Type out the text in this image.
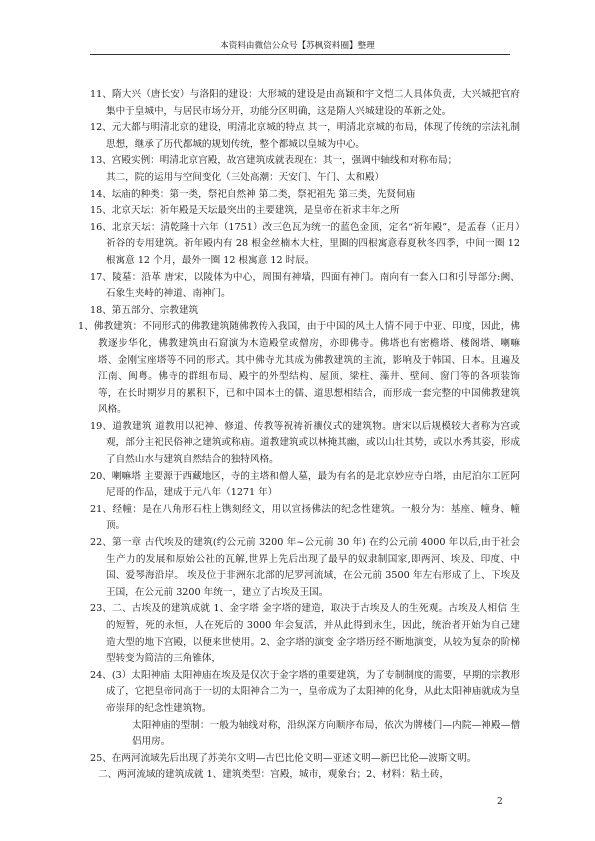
本资料由微信公众号【苏枫资料圈】整理

11、隋大兴（唐长安）与洛阳的建设：大形城的建设是由高颖和宇文恺二人具体负责，大兴城把官府集中于皇城中，与居民市场分开，功能分区明确，这是隋人兴城建设的革新之处。

12、元大都与明清北京的建设，明清北京城的特点 其一，明清北京城的布局，体现了传统的宗法礼制思想，继承了历代都城的规划传统，整个都城以皇城为中心。

13、宫殿实例：明清北京宫殿，故宫建筑成就表现在：其一，强调中轴线和对称布局；

其二，院的运用与空间变化（三处高潮：天安门、午门、太和殿）

14、坛庙的种类：第一类，祭祀自然神 第二类，祭祀祖先 第三类，先贤伺庙

15、北京天坛：祈年殿是天坛最突出的主要建筑，是皇帝在祈求丰年之所

16、北京天坛：清乾隆十六年（1751）改三色瓦为统一的蓝色金顶，定名“祈年殿”，是孟春（正月）祈谷的专用建筑。祈年殿内有 28 根金丝楠木大柱，里圈的四根寓意春夏秋冬四季，中间一圈 12 根寓意 12 个月，最外一圈 12 根寓意 12 时辰。

17、陵墓：沿革 唐宋，以陵体为中心，周围有神墙，四面有神门。南向有一套入口和引导部分:阙、石象生夹峙的神道、南神门。

18、第五部分、宗教建筑

1、佛教建筑：不同形式的佛教建筑随佛教传入我国，由于中国的风土人情不同于中亚、印度，因此，佛教逐步华化，佛教建筑由石窟演为木造殿堂或僧房，亦即佛寺。佛塔也有密檐塔、楼阁塔、喇嘛塔、金刚宝座塔等不同的形式。其中佛寺尤其成为佛教建筑的主流，影响及于韩国、日本。且遍及江南、闽粤。佛寺的群组布局、殿宇的外型结构、屋顶、梁柱、藻井、壁间、窗门等的各项装饰等，在长时期岁月的累积下，已和中国本土的儒、道思想相结合，而形成一套完整的中国佛教建筑风格。

19、道教建筑 道教用以祀神、修道、传教等祝祷祈禳仪式的建筑物。唐宋以后规模较大者称为宫或观，部分主祀民俗神之建筑或称庙。道教建筑或以林掩其幽，或以山壮其势，或以水秀其姿，形成了自然山水与建筑自然结合的独特风格。

20、喇嘛塔 主要源于西藏地区，寺的主塔和僧人墓，最为有名的是北京妙应寺白塔，由尼泊尔工匠阿尼哥的作品，建成于元八年（1271 年）

21、经幢：是在八角形石柱上镌刻经文，用以宣扬佛法的纪念性建筑。一般分为：基座、幢身、幢顶。

22、第一章 古代埃及的建筑(约公元前 3200 年~公元前 30 年) 在约公元前 4000 年以后,由于社会生产力的发展和原始公社的瓦解,世界上先后出现了最早的奴隶制国家,即两河、埃及、印度、中国、爱琴海沿岸。 埃及位于非洲东北部的尼罗河流域，在公元前 3500 年左右形成了上、下埃及王国，在公元前 3200 年统一，建立了古埃及王国。

23、二、古埃及的建筑成就 1、金字塔 金字塔的建造，取决于古埃及人的生死观。古埃及人相信 生的短暂，死的永恒，人在死后的 3000 年会复活，并从此得到永生，因此，统治者开始为自己建造大型的地下宫殿，以便来世使用。2、金字塔的演变 金字塔历经不断地演变，从较为复杂的阶梯型转变为简洁的三角锥体，

24、(3）太阳神庙 太阳神庙在埃及是仅次于金字塔的重要建筑，为了专制制度的需要，早期的宗教形成了，它把皇帝同高于一切的太阳神合二为一，皇帝成为了太阳神的化身，从此太阳神庙就成为皇帝崇拜的纪念性建筑物。

太阳神庙的型制：一般为轴线对称，沿纵深方向顺序布局，依次为牌楼门—内院—神殿—僧侣用房。

25、在两河流域先后出现了苏美尔文明—古巴比伦文明—亚述文明—新巴比伦—波斯文明。

二、两河流域的建筑成就 1、建筑类型：宫殿，城市，观象台；2、材料：粘土砖，

2
